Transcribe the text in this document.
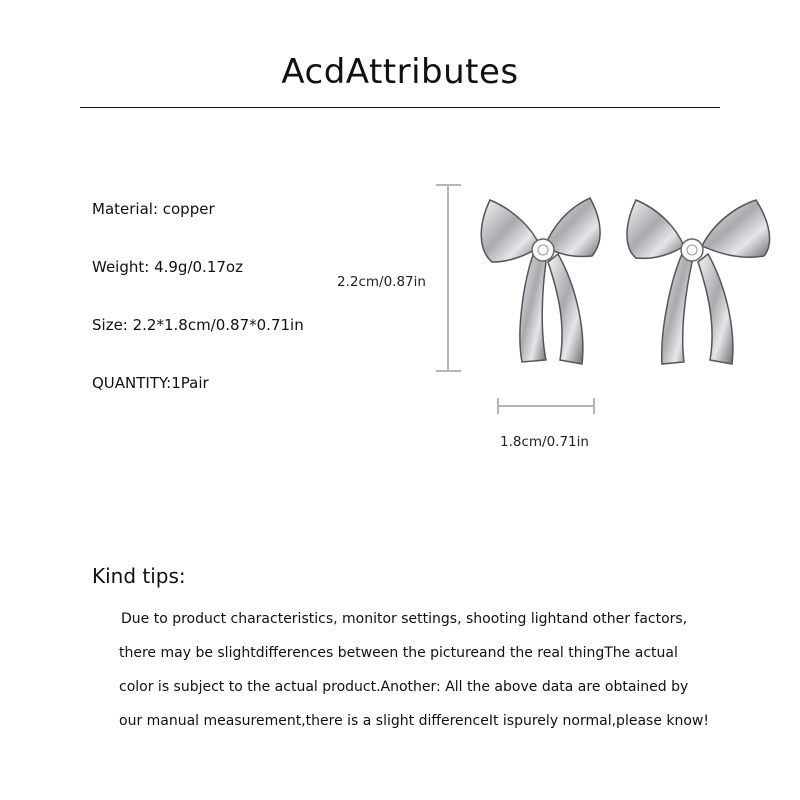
AcdAttributes
Material: copper
Weight: 4.9g/0.17oz
Size: 2.2*1.8cm/0.87*0.71in
QUANTITY:1Pair
2.2cm/0.87in
1.8cm/0.71in
Kind tips:
Due to product characteristics, monitor settings, shooting lightand other factors,
there may be slightdifferences between the pictureand the real thingThe actual
color is subject to the actual product.Another: All the above data are obtained by
our manual measurement,there is a slight differenceIt ispurely normal,please know!
